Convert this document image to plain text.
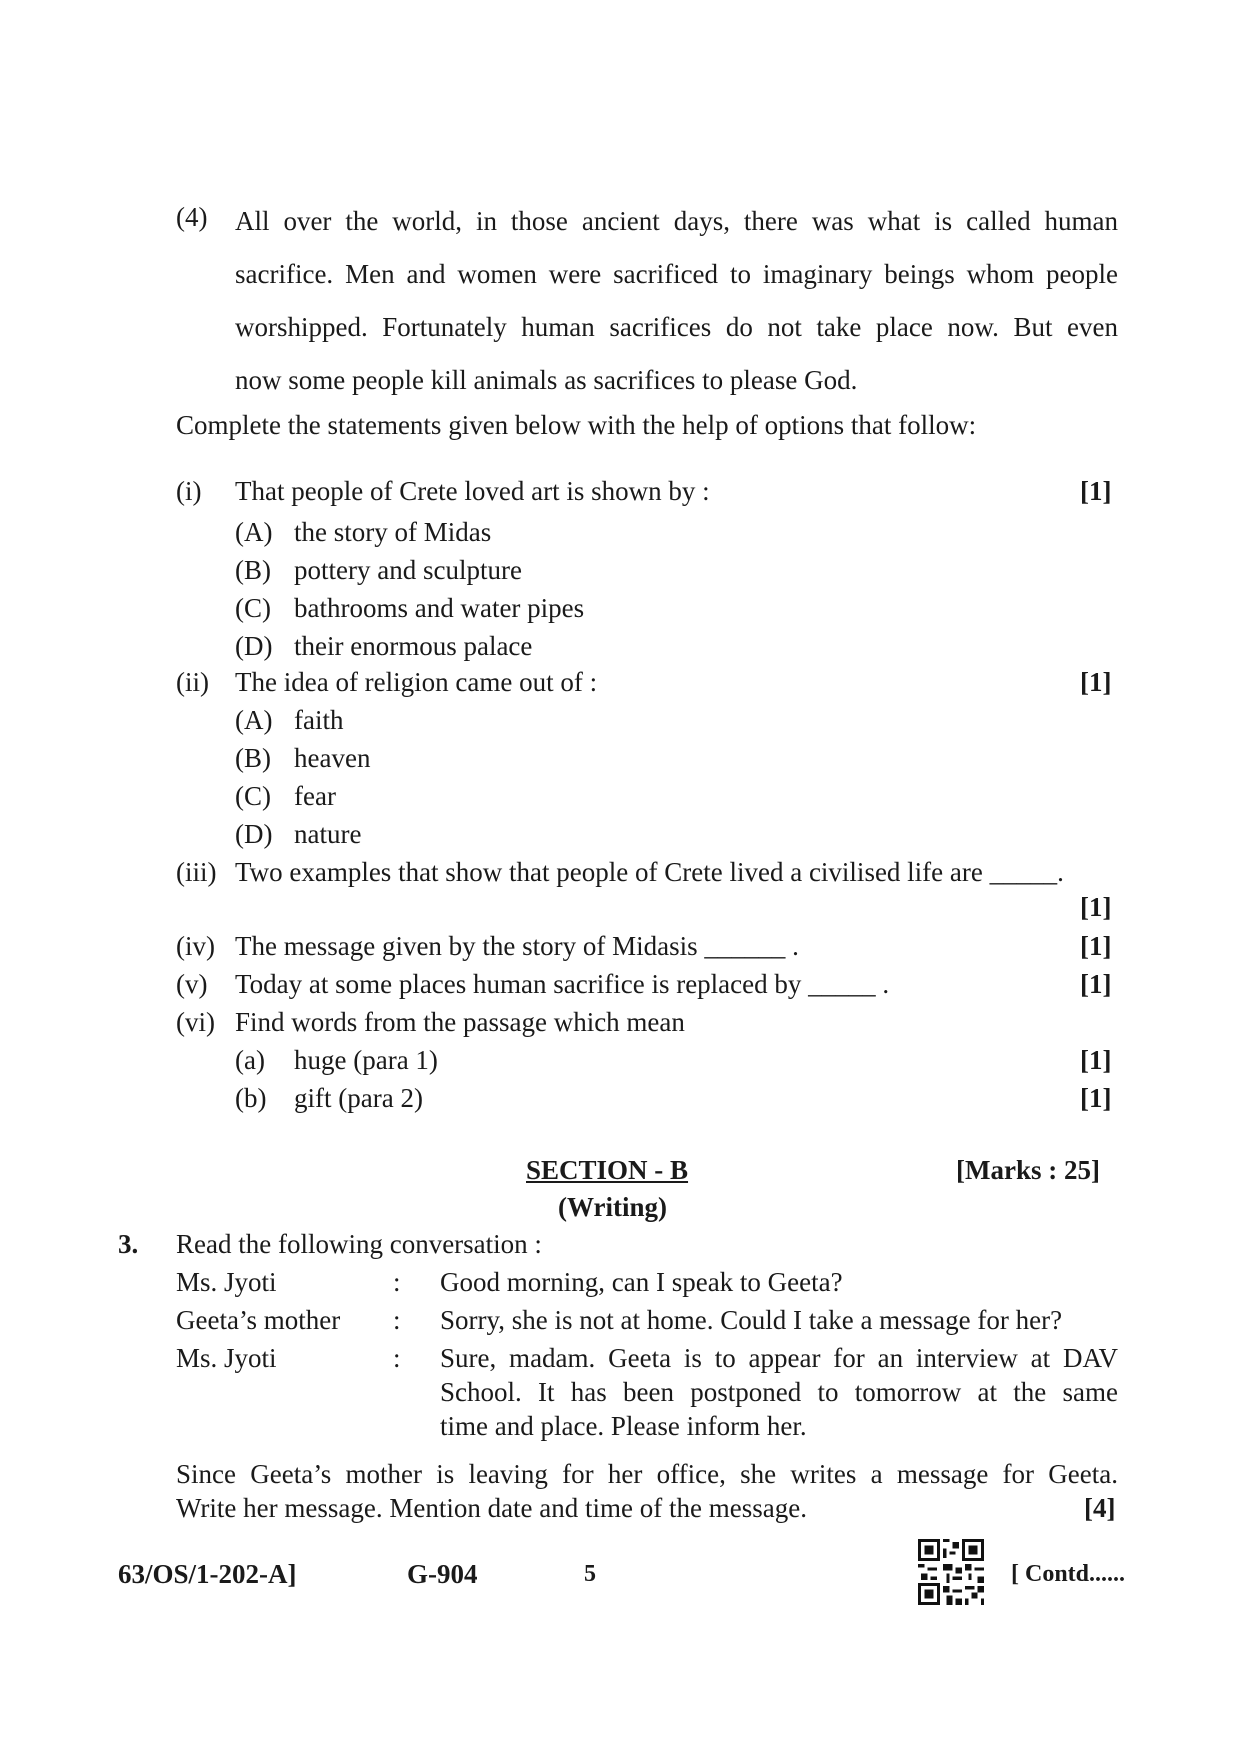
(4) All over the world, in those ancient days, there was what is called human
sacrifice. Men and women were sacrificed to imaginary beings whom people
worshipped. Fortunately human sacrifices do not take place now. But even
now some people kill animals as sacrifices to please God.
Complete the statements given below with the help of options that follow:
(i) That people of Crete loved art is shown by :	[1]
(A) the story of Midas
(B) pottery and sculpture
(C) bathrooms and water pipes
(D) their enormous palace
(ii) The idea of religion came out of :	[1]
(A) faith
(B) heaven
(C) fear
(D) nature
(iii) Two examples that show that people of Crete lived a civilised life are _____.
[1]
(iv) The message given by the story of Midasis ______ .	[1]
(v) Today at some places human sacrifice is replaced by _____ .	[1]
(vi) Find words from the passage which mean
(a) huge (para 1)	[1]
(b) gift (para 2)	[1]
SECTION - B	[Marks : 25]
(Writing)
3. Read the following conversation :
Ms. Jyoti	: Good morning, can I speak to Geeta?
Geeta’s mother : Sorry, she is not at home. Could I take a message for her?
Ms. Jyoti	: Sure, madam. Geeta is to appear for an interview at DAV
School. It has been postponed to tomorrow at the same
time and place. Please inform her.
Since Geeta’s mother is leaving for her office, she writes a message for Geeta.
Write her message. Mention date and time of the message.	[4]
63/OS/1-202-A]	G-904	5	[ Contd......
